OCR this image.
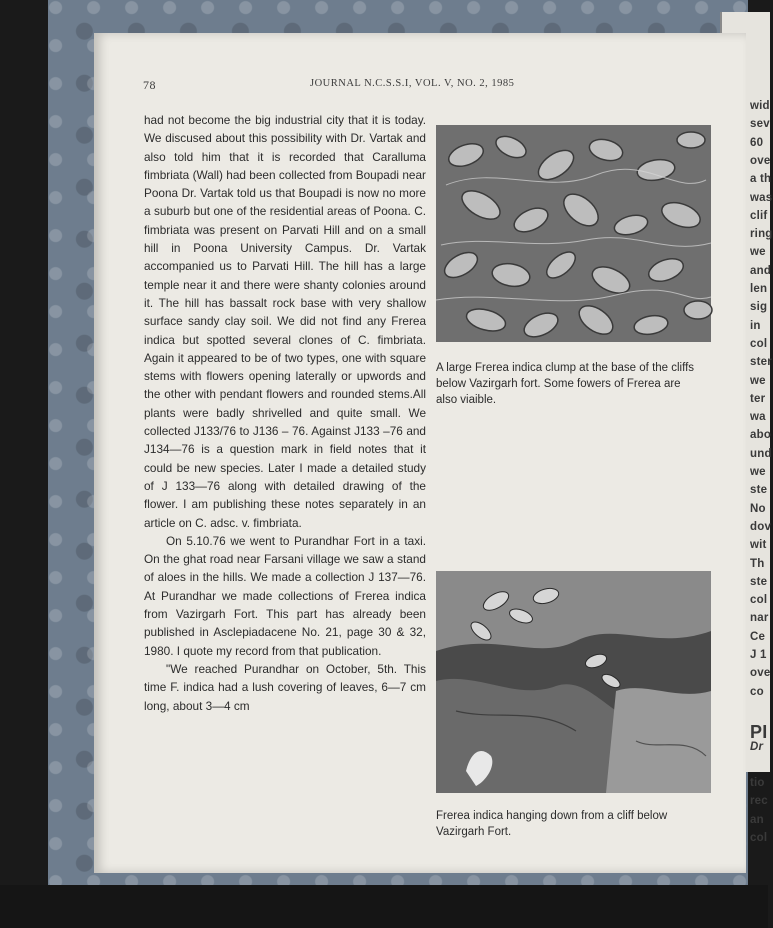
wid
sev
60
ove
a th
was
clif
ring
we
and
len
sig
in
col
ster
we
ter
wa
abo
und
we
ste
No
dov
wit
Th
ste
col
nar
Ce
J 1
ove
co
PI
Dr
tio
rec
an
col
78	JOURNAL N.C.S.S.I, VOL. V, NO. 2, 1985

had not become the big industrial city that it is today. We discused about this possibility with Dr. Vartak and also told him that it is recorded that Caralluma fimbriata (Wall) had been collected from Boupadi near Poona Dr. Vartak told us that Boupadi is now no more a suburb but one of the residential areas of Poona. C. fimbriata was present on Parvati Hill and on a small hill in Poona University Campus. Dr. Vartak accompanied us to Parvati Hill. The hill has a large temple near it and there were shanty colonies around it. The hill has bassalt rock base with very shallow surface sandy clay soil. We did not find any Frerea indica but spotted several clones of C. fimbriata. Again it appeared to be of two types, one with square stems with flowers opening laterally or upwords and the other with pendant flowers and rounded stems.All plants were badly shrivelled and quite small. We collected J133/76 to J136 – 76. Against J133 –76 and J134—76 is a question mark in field notes that it could be new species. Later I made a detailed study of J 133—76 along with detailed drawing of the flower. I am publishing these notes separately in an article on C. adsc. v. fimbriata.

On 5.10.76 we went to Purandhar Fort in a taxi. On the ghat road near Farsani village we saw a stand of aloes in the hills. We made a collection J 137—76. At Purandhar we made collections of Frerea indica from Vazirgarh Fort. This part has already been published in Asclepiadacene No. 21, page 30 & 32, 1980. I quote my record from that publication.

"We reached Purandhar on October, 5th. This time F. indica had a lush covering of leaves, 6—7 cm long, about 3—4 cm

A large Frerea indica clump at the base of the cliffs below Vazirgarh fort. Some fowers of Frerea are also viaible.
Frerea indica hanging down from a cliff below Vazirgarh Fort.
